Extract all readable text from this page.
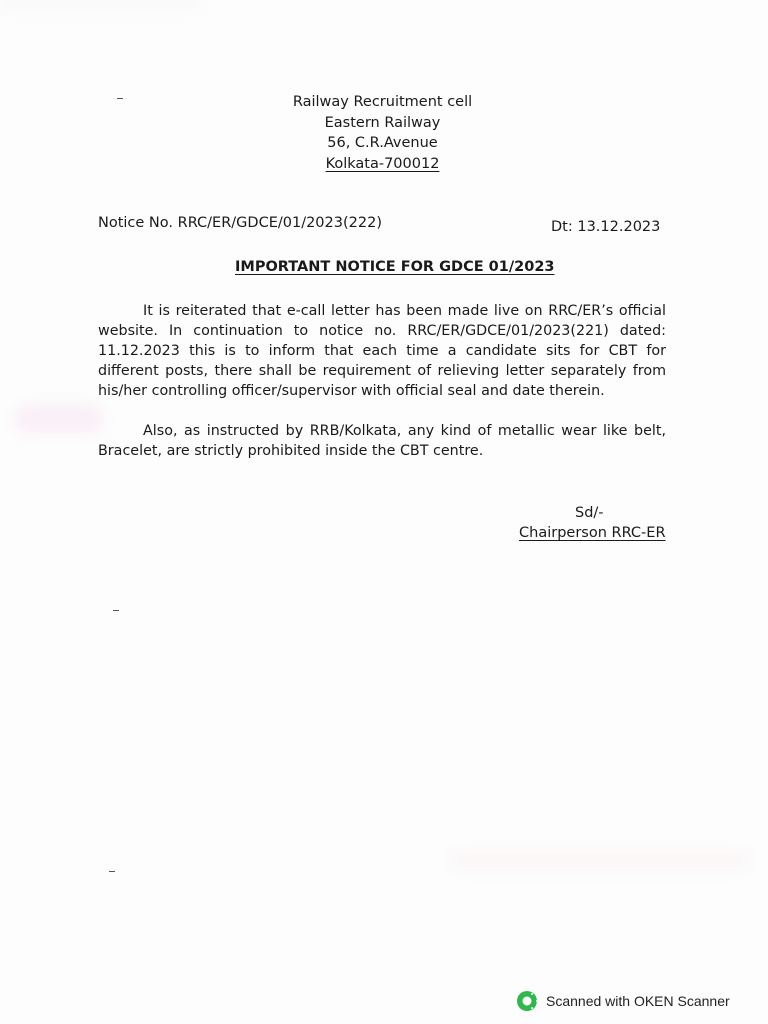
Railway Recruitment cell
Eastern Railway
56, C.R.Avenue
Kolkata-700012
Notice No. RRC/ER/GDCE/01/2023(222)	Dt: 13.12.2023
IMPORTANT NOTICE FOR GDCE 01/2023

It is reiterated that e-call letter has been made live on RRC/ER’s official website. In continuation to notice no. RRC/ER/GDCE/01/2023(221) dated: 11.12.2023 this is to inform that each time a candidate sits for CBT for different posts, there shall be requirement of relieving letter separately from his/her controlling officer/supervisor with official seal and date therein.

Also, as instructed by RRB/Kolkata, any kind of metallic wear like belt, Bracelet, are strictly prohibited inside the CBT centre.

Sd/-
Chairperson RRC-ER
Scanned with OKEN Scanner
